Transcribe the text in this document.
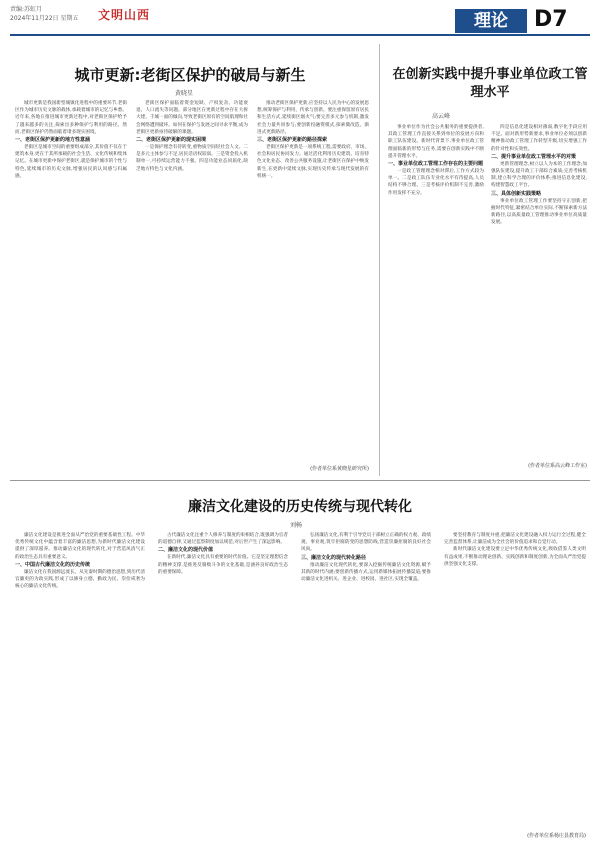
责编:苏虹月
2024年11月22日 星期五 文明山西	理论	D7
城市更新:老街区保护的破局与新生
黄晓星
城市更新是我国新型城镇化进程中的重要环节,老街区作为城市历史文脉的载体,承载着城市的记忆与乡愁。近年来,各地在推进城市更新过程中,对老街区保护给予了越来越多的关注,探索出多种保护与利用的路径。然而,老街区保护仍然面临着诸多现实困境。
一、老街区保护更新的地方性意涵
老街区是城市空间的重要组成部分,其价值不仅在于建筑本身,更在于其所承载的社会生活、文化传统和集体记忆。在城市更新中保护老街区,就是保护城市的个性与特色,延续城市的历史文脉,增强居民的认同感与归属感。
老街区保护面临着资金短缺、产权复杂、功能衰退、人口流失等问题。部分地区在更新过程中存在大拆大建、千城一面的倾向,导致老街区原有的空间肌理和社会网络遭到破坏。如何在保护与发展之间寻求平衡,成为老街区更新亟待破解的课题。
二、老街区保护更新的现实困境
一是保护理念有待转变,重物质空间轻社会人文。二是多元主体参与不足,居民话语权较弱。三是资金投入机制单一,可持续运营能力不强。四是功能业态同质化,缺乏地方特色与文化内涵。
推动老街区保护更新,应坚持以人民为中心的发展思想,统筹保护与利用、传承与创新。要注重保留原有居民和生活方式,延续街区烟火气;要完善多元参与机制,激发社会力量共同参与;要创新投融资模式,探索微改造、渐进式更新路径。
三、老街区保护更新的路径探索
老街区保护更新是一项系统工程,需要政府、市场、社会和居民协同发力。通过活化利用历史建筑、培育特色文化业态、改善公共服务设施,让老街区在保护中焕发新生,在更新中延续文脉,实现历史传承与现代发展的有机统一。
(作者单位系黄晓星研究所)
在创新实践中提升事业单位政工管理水平
高云峰
事业单位作为社会公共服务的重要提供者,其政工管理工作直接关系到单位的发展方向和职工队伍建设。新时代背景下,事业单位政工管理面临新的形势与任务,需要在创新实践中不断提升管理水平。
一、事业单位政工管理工作存在的主要问题
一是政工管理理念相对滞后,工作方式较为单一。二是政工队伍专业化水平有待提高,人员结构不够合理。三是考核评价机制不完善,激励作用发挥不充分。
四是信息化建设相对薄弱,数字化手段应用不足。面对新形势新要求,事业单位必须以创新精神推动政工管理工作转型升级,切实增强工作的针对性和实效性。
二、提升事业单位政工管理水平的对策
更新管理理念,树立以人为本的工作理念;加强队伍建设,提升政工干部综合素质;完善考核机制,建立科学合理的评价体系;推进信息化建设,构建智慧政工平台。
三、具体创新实践策略
事业单位政工管理工作要坚持守正创新,把握时代特征,紧密结合单位实际,不断探索新方法新路径,以高质量政工管理推动事业单位高质量发展。
(作者单位系高云峰工作室)
廉洁文化建设的历史传统与现代转化
刘畅
廉洁文化建设是推进全面从严治党的重要基础性工程。中华优秀传统文化中蕴含着丰富的廉洁思想,为新时代廉洁文化建设提供了深厚滋养。推动廉洁文化的现代转化,对于营造风清气正的政治生态具有重要意义。
一、中国古代廉洁文化的历史传统
廉洁文化在我国源远流长。从先秦时期的德治思想,到历代清官廉吏的为政实践,形成了以修身立德、勤政为民、崇俭戒奢为核心的廉洁文化传统。
古代廉洁文化注重个人修养与制度约束相结合,既强调为官者的道德自律,又通过监察制度加以规范,对后世产生了深远影响。
二、廉洁文化的现代价值
在新时代,廉洁文化具有重要的时代价值。它是坚定理想信念的精神支撑,是推进反腐败斗争的文化基础,是涵养良好政治生态的重要保障。
弘扬廉洁文化,有利于引导党员干部树立正确的权力观、政绩观、事业观,筑牢拒腐防变的思想防线,营造崇廉拒腐的良好社会风尚。
三、廉洁文化的现代转化路径
推动廉洁文化现代转化,要深入挖掘传统廉洁文化资源,赋予其新的时代内涵;要创新传播方式,运用新媒体拓展传播渠道;要推动廉洁文化进机关、进企业、进校园、进社区,实现全覆盖。
要坚持教育与制度并重,把廉洁文化建设融入权力运行全过程,健全完善监督体系,让廉洁成为全社会的价值追求和自觉行动。
新时代廉洁文化建设要立足中华优秀传统文化,吸收借鉴人类文明有益成果,不断推动理论创新、实践创新和制度创新,为全面从严治党提供坚强文化支撑。
(作者单位系杨庄县教育局)
